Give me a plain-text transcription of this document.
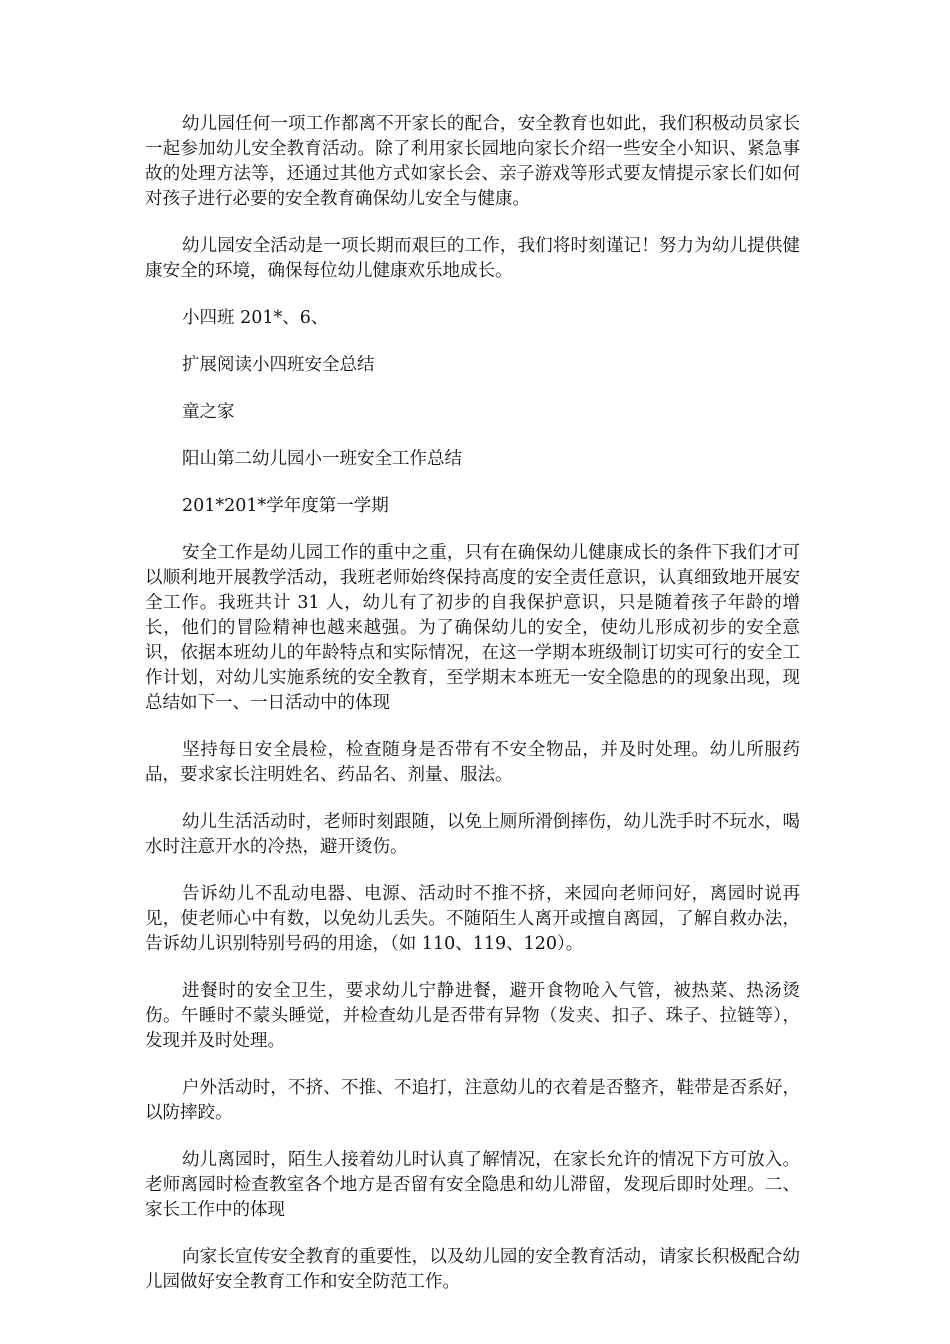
幼儿园任何一项工作都离不开家长的配合，安全教育也如此，我们积极动员家长一起参加幼儿安全教育活动。除了利用家长园地向家长介绍一些安全小知识、紧急事故的处理方法等，还通过其他方式如家长会、亲子游戏等形式要友情提示家长们如何对孩子进行必要的安全教育确保幼儿安全与健康。

幼儿园安全活动是一项长期而艰巨的工作，我们将时刻谨记！努力为幼儿提供健康安全的环境，确保每位幼儿健康欢乐地成长。

小四班 201*、6、

扩展阅读小四班安全总结

童之家

阳山第二幼儿园小一班安全工作总结

201*201*学年度第一学期

安全工作是幼儿园工作的重中之重，只有在确保幼儿健康成长的条件下我们才可以顺利地开展教学活动，我班老师始终保持高度的安全责任意识，认真细致地开展安全工作。我班共计 31 人，幼儿有了初步的自我保护意识，只是随着孩子年龄的增长，他们的冒险精神也越来越强。为了确保幼儿的安全，使幼儿形成初步的安全意识，依据本班幼儿的年龄特点和实际情况，在这一学期本班级制订切实可行的安全工作计划，对幼儿实施系统的安全教育，至学期末本班无一安全隐患的的现象出现，现总结如下一、一日活动中的体现

坚持每日安全晨检，检查随身是否带有不安全物品，并及时处理。幼儿所服药品，要求家长注明姓名、药品名、剂量、服法。

幼儿生活活动时，老师时刻跟随，以免上厕所滑倒摔伤，幼儿洗手时不玩水，喝水时注意开水的冷热，避开烫伤。

告诉幼儿不乱动电器、电源、活动时不推不挤，来园向老师问好，离园时说再见，使老师心中有数，以免幼儿丢失。不随陌生人离开或擅自离园，了解自救办法，告诉幼儿识别特别号码的用途，（如 110、119、120）。

进餐时的安全卫生，要求幼儿宁静进餐，避开食物呛入气管，被热菜、热汤烫伤。午睡时不蒙头睡觉，并检查幼儿是否带有异物（发夹、扣子、珠子、拉链等），发现并及时处理。

户外活动时，不挤、不推、不追打，注意幼儿的衣着是否整齐，鞋带是否系好，以防摔跤。

幼儿离园时，陌生人接着幼儿时认真了解情况，在家长允许的情况下方可放入。老师离园时检查教室各个地方是否留有安全隐患和幼儿滞留，发现后即时处理。二、家长工作中的体现

向家长宣传安全教育的重要性，以及幼儿园的安全教育活动，请家长积极配合幼儿园做好安全教育工作和安全防范工作。
